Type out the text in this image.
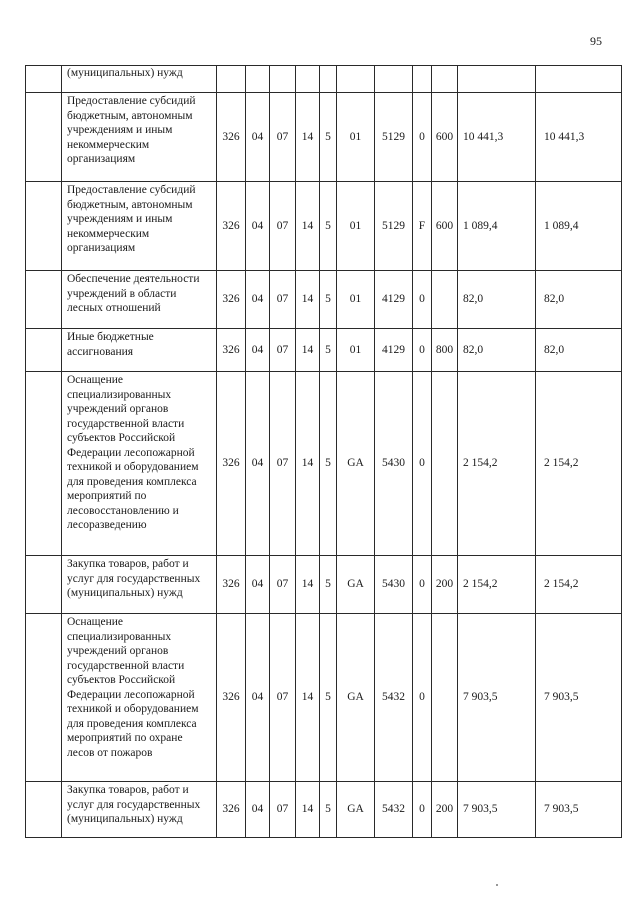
95
	(муниципальных) нужд											
	Предоставление субсидий бюджетным, автономным учреждениям и иным некоммерческим организациям	326	04	07	14	5	01	5129	0	600	10 441,3	10 441,3
	Предоставление субсидий бюджетным, автономным учреждениям и иным некоммерческим организациям	326	04	07	14	5	01	5129	F	600	1 089,4	1 089,4
	Обеспечение деятельности учреждений в области лесных отношений	326	04	07	14	5	01	4129	0		82,0	82,0
	Иные бюджетные ассигнования	326	04	07	14	5	01	4129	0	800	82,0	82,0
	Оснащение специализированных учреждений органов государственной власти субъектов Российской Федерации лесопожарной техникой и оборудованием для проведения комплекса мероприятий по лесовосстановлению и лесоразведению	326	04	07	14	5	GA	5430	0		2 154,2	2 154,2
	Закупка товаров, работ и услуг для государственных (муниципальных) нужд	326	04	07	14	5	GA	5430	0	200	2 154,2	2 154,2
	Оснащение специализированных учреждений органов государственной власти субъектов Российской Федерации лесопожарной техникой и оборудованием для проведения комплекса мероприятий по охране лесов от пожаров	326	04	07	14	5	GA	5432	0		7 903,5	7 903,5
	Закупка товаров, работ и услуг для государственных (муниципальных) нужд	326	04	07	14	5	GA	5432	0	200	7 903,5	7 903,5
